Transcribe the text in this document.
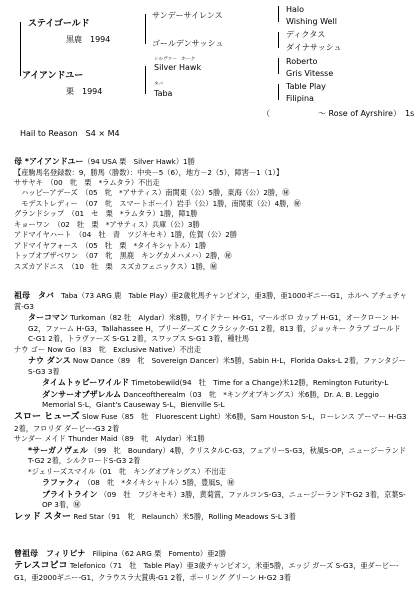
ステイゴールド
黒鹿　1994
サンデーサイレンス
ゴールデンサッシュ
Halo
Wishing Well
ディクタス
ダイナサッシュ
アイアンドユー
栗　1994
シルヴァー　ホーク
Silver Hawk
タバ
Taba
Roberto
Gris Vitesse
Table Play
Filipina
（　　　　　　～ Rose of Ayrshire）　1s
Hail to Reason　S4 × M4
母 *アイアンドユー（94 USA 栗　Silver Hawk）1勝
【産駒馬名登録数：9，勝馬（勝数）：中央－5（6），地方－2（5），障害－1（1）】
ササヤキ　（00　牝　栗　*ラムタラ）不出走
　ハッピーアデーズ　（05　牝　*アサティス）南関東（公）5勝，東海（公）2勝，㊙
　モデストレディー　（07　牝　スマートボーイ）岩手（公）1勝，南関東（公）4勝，㊙
グランドシップ　（01　セ　栗　*ラムタラ）1勝，障1勝
キョーワン　（02　牡　栗　*アサティス）兵庫（公）3勝
アドマイヤハート　（04　牡　青　ツジキセキ）1勝，佐賀（公）2勝
アドマイヤフォース　（05　牡　栗　*タイキシャトル）1勝
トップオブザベワン　（07　牝　黒鹿　キングカメハメハ）2勝，㊙
スズカアドニス　（10　牡　栗　スズカフェニックス）1勝，㊙
祖母　タバ　 Taba（73 ARG 鹿　Table Play）亜2歳牝馬チャンピオン，亜3勝，亜1000ギニー-G1，ホルヘ アチュチャ賞-G3
ターコマン Turkoman（82 牡　Alydar）米8勝，ワイドナー H-G1，マールボロ カップ H-G1，オークローン H-G2，ファーム H-G3，Tallahassee H，ブリーダーズ C クラシック-G1 2着，813 着，ジョッキー クラブ ゴールド C-G1 2着，トラヴァーズ S-G1 2着，スワップス S-G1 3着，種牡馬
ナウ ゴー Now Go（83　牝　Exclusive Native）不出走
ナウ ダンス Now Dance（89　牝　Sovereign Dancer）米5勝，Sabin H-L，Florida Oaks-L 2着，ファンタジー S-G3 3着
タイムトゥビーワイルド Timetobewild(94　牡　Time for a Change)米12勝，Remington Futurity-L
ダンサーオブザレルム Danceoftherealm（03　牝　*キングオブキングス）米6勝，Dr. A. B. Leggio Memorial S-L，Giant's Causeway S-L，Bienville S-L
スロー ヒューズ Slow Fuse（85　牡　Fluorescent Light）米6勝，Sam Houston S-L，ローレンス アーマー H-G3 2着，フロリダ ダービー-G3 2着
サンダー メイド Thunder Maid（89　牝　Alydar）米1勝
*サーガノヴェル （99　牝　Boundary）4勝，クリスタルC-G3，フェアリーS-G3，秋風S-OP，ニュージーランドT-G2 2着，シルクロードS-G3 2着
*ジェリーズスマイル（01　牝　キングオブキングス）不出走
ラファクィ （08　牝　*タイキシャトル）5勝，豊風S，㊙
ブライトライン （09　牡　フジキセキ）3勝，黄菊賞，ファルコンS-G3，ニュージーランドT-G2 3着，京葉S-OP 3着，㊙
レッド スター Red Star（91　牝　Relaunch）米5勝，Rolling Meadows S-L 3着
曾祖母　フィリピナ　 Filipina（62 ARG 栗　Fomento）亜2勝
テレスコピコ Telefonico（71　牡　Table Play）亜3歳チャンピオン，米亜5勝，エッジ ガーズ S-G3，亜ダービー-G1，亜2000ギニー-G1，クラウスラ大賞典-G1 2着，ポーリング グリーン H-G2 3着
